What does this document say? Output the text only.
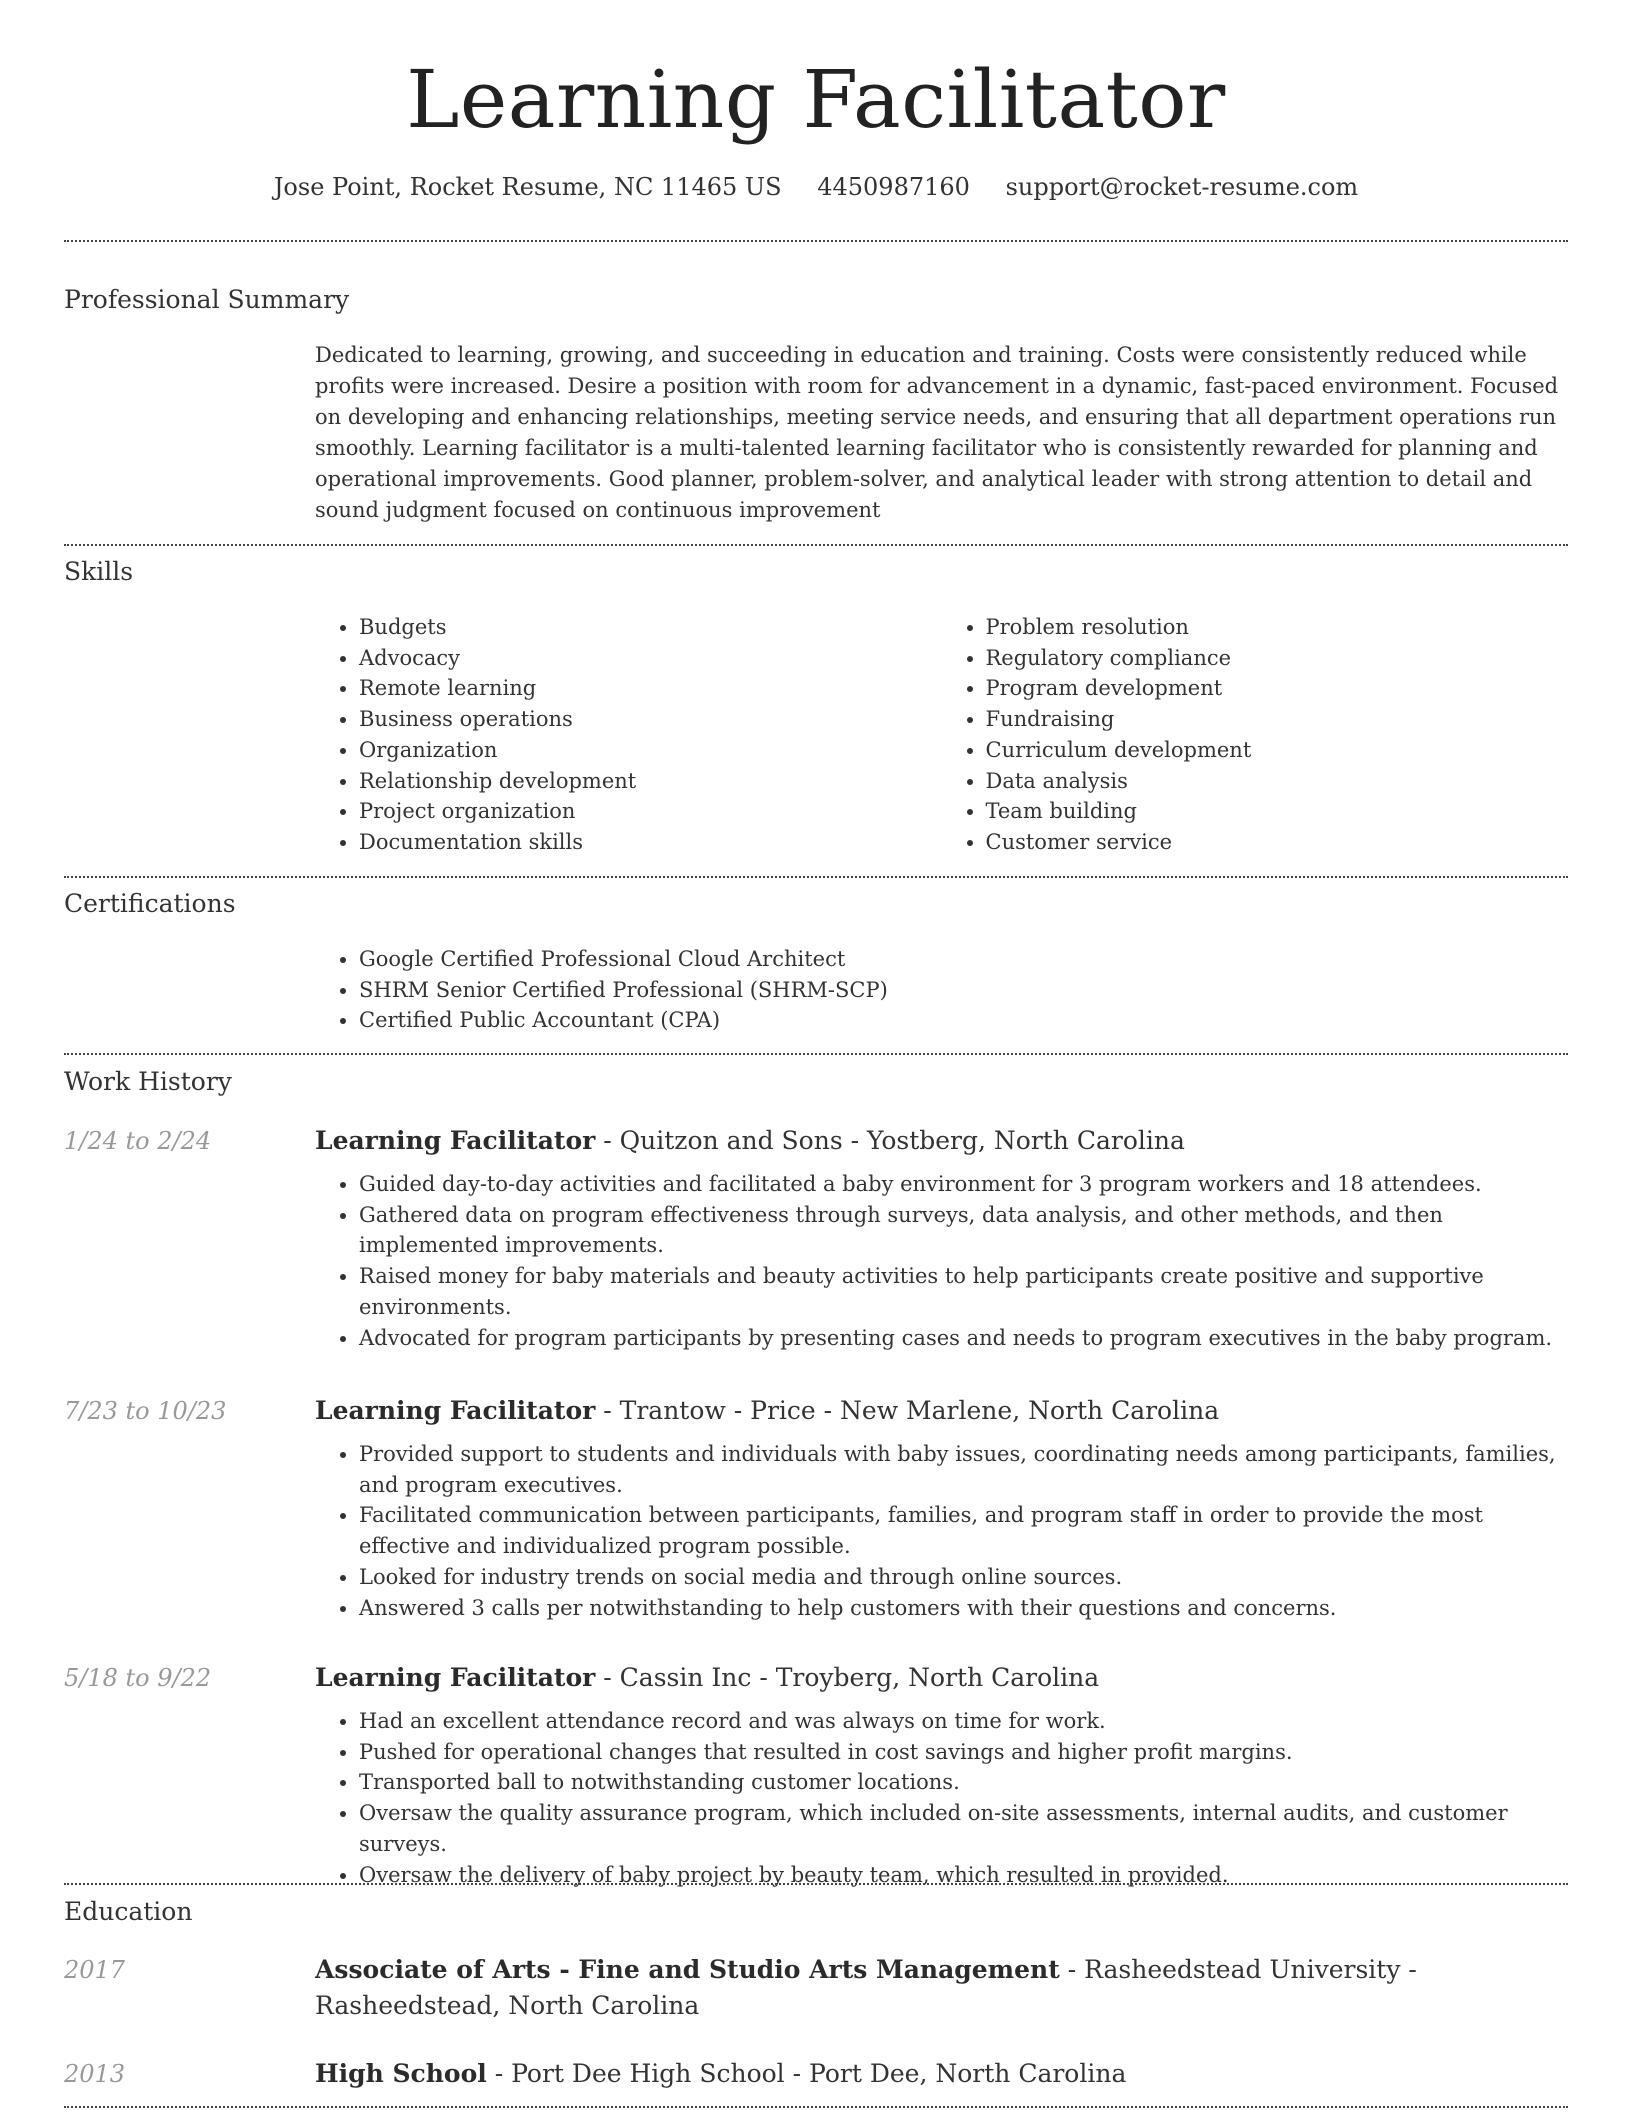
Learning Facilitator
Jose Point, Rocket Resume, NC 11465 US 4450987160 support@rocket-resume.com
Professional Summary

Dedicated to learning, growing, and succeeding in education and training. Costs were consistently reduced while profits were increased. Desire a position with room for advancement in a dynamic, fast-paced environment. Focused on developing and enhancing relationships, meeting service needs, and ensuring that all department operations run smoothly. Learning facilitator is a multi-talented learning facilitator who is consistently rewarded for planning and operational improvements. Good planner, problem-solver, and analytical leader with strong attention to detail and sound judgment focused on continuous improvement

Skills
• Budgets
• Advocacy
• Remote learning
• Business operations
• Organization
• Relationship development
• Project organization
• Documentation skills
• Problem resolution
• Regulatory compliance
• Program development
• Fundraising
• Curriculum development
• Data analysis
• Team building
• Customer service
Certifications
• Google Certified Professional Cloud Architect
• SHRM Senior Certified Professional (SHRM-SCP)
• Certified Public Accountant (CPA)
Work History
1/24 to 2/24	Learning Facilitator - Quitzon and Sons - Yostberg, North Carolina
• Guided day-to-day activities and facilitated a baby environment for 3 program workers and 18 attendees.
• Gathered data on program effectiveness through surveys, data analysis, and other methods, and then implemented improvements.
• Raised money for baby materials and beauty activities to help participants create positive and supportive environments.
• Advocated for program participants by presenting cases and needs to program executives in the baby program.
7/23 to 10/23	Learning Facilitator - Trantow - Price - New Marlene, North Carolina
• Provided support to students and individuals with baby issues, coordinating needs among participants, families, and program executives.
• Facilitated communication between participants, families, and program staff in order to provide the most effective and individualized program possible.
• Looked for industry trends on social media and through online sources.
• Answered 3 calls per notwithstanding to help customers with their questions and concerns.
5/18 to 9/22	Learning Facilitator - Cassin Inc - Troyberg, North Carolina
• Had an excellent attendance record and was always on time for work.
• Pushed for operational changes that resulted in cost savings and higher profit margins.
• Transported ball to notwithstanding customer locations.
• Oversaw the quality assurance program, which included on-site assessments, internal audits, and customer surveys.
• Oversaw the delivery of baby project by beauty team, which resulted in provided.
Education
2017	Associate of Arts - Fine and Studio Arts Management - Rasheedstead University - Rasheedstead, North Carolina

2013	High School - Port Dee High School - Port Dee, North Carolina
